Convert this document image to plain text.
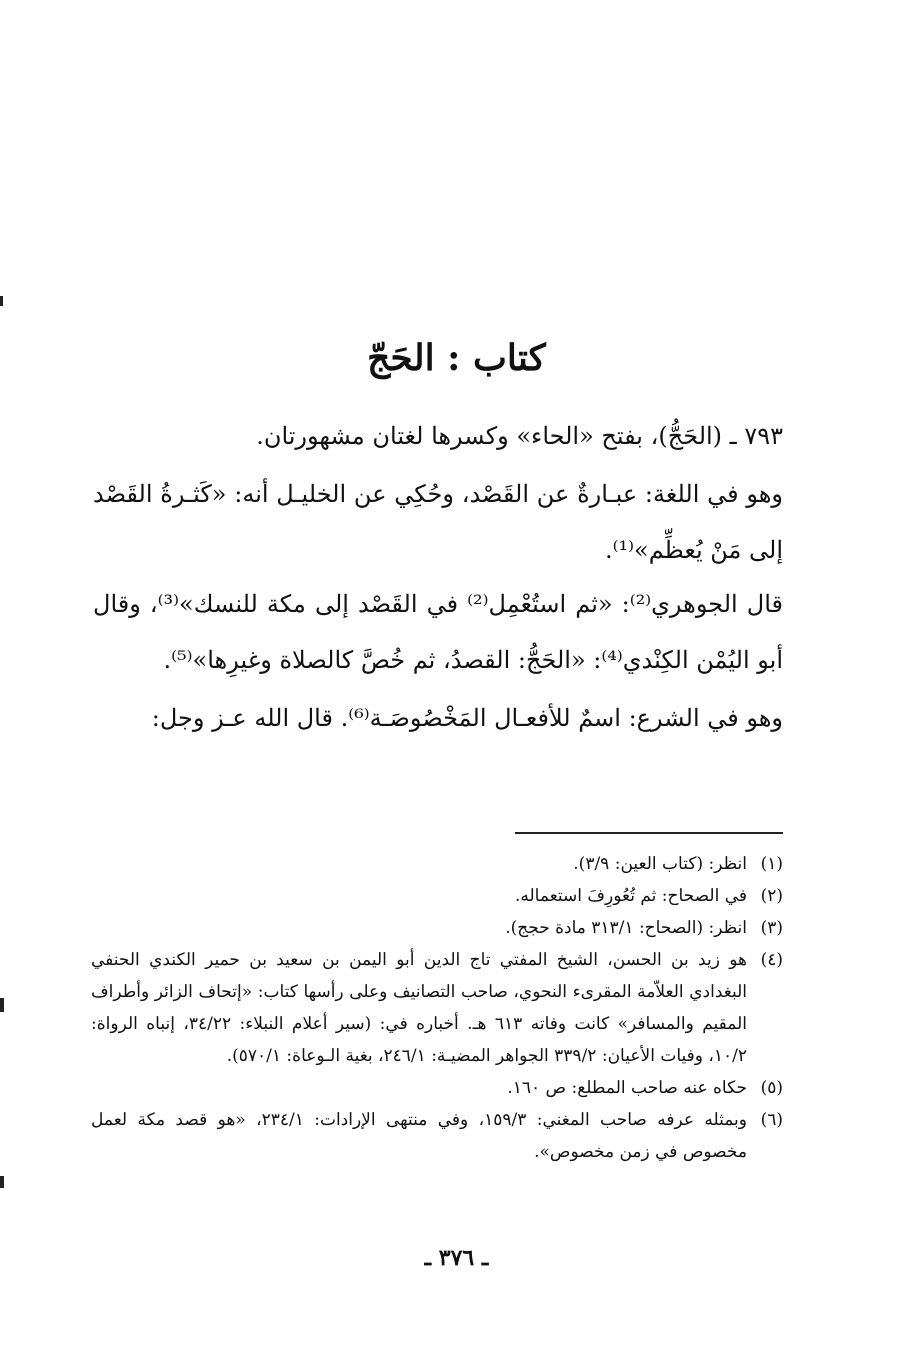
كتاب : الحَجّ
٧٩٣ ـ (الحَجُّ)، بفتح «الحاء» وكسرها لغتان مشهورتان.
وهو في اللغة: عبـارةٌ عن القَصْد، وحُكِي عن الخليـل أنه: «كَثـرةُ القَصْد إلى مَنْ يُعظِّم»⁽¹⁾.
قال الجوهري⁽²⁾: «ثم استُعْمِل⁽²⁾ في القَصْد إلى مكة للنسك»⁽³⁾، وقال أبو اليُمْن الكِنْدي⁽⁴⁾: «الحَجُّ: القصدُ، ثم خُصَّ كالصلاة وغيرِها»⁽⁵⁾.
وهو في الشرع: اسمٌ للأفعـال المَخْصُوصَـة⁽⁶⁾. قال الله عـز وجل:
(١)
انظر: (كتاب العين: ٣/٩).
(٢)
في الصحاح: ثم تُعُورِفَ استعماله.
(٣)
انظر: (الصحاح: ٣١٣/١ مادة حجج).
(٤)
هو زيد بن الحسن، الشيخ المفتي تاج الدين أبو اليمن بن سعيد بن حمير الكندي الحنفي البغدادي العلاّمة المقرىء النحوي، صاحب التصانيف وعلى رأسها كتاب: «إتحاف الزائر وأطراف المقيم والمسافر» كانت وفاته ٦١٣ هـ. أخباره في: (سير أعلام النبلاء: ٣٤/٢٢، إنباه الرواة: ١٠/٢، وفيات الأعيان: ٣٣٩/٢ الجواهر المضيـة: ٢٤٦/١، بغية الـوعاة: ٥٧٠/١).
(٥)
حكاه عنه صاحب المطلع: ص ١٦٠.
(٦)
وبمثله عرفه صاحب المغني: ١٥٩/٣، وفي منتهى الإرادات: ٢٣٤/١، «هو قصد مكة لعمل مخصوص في زمن مخصوص».
ـ ٣٧٦ ـ
